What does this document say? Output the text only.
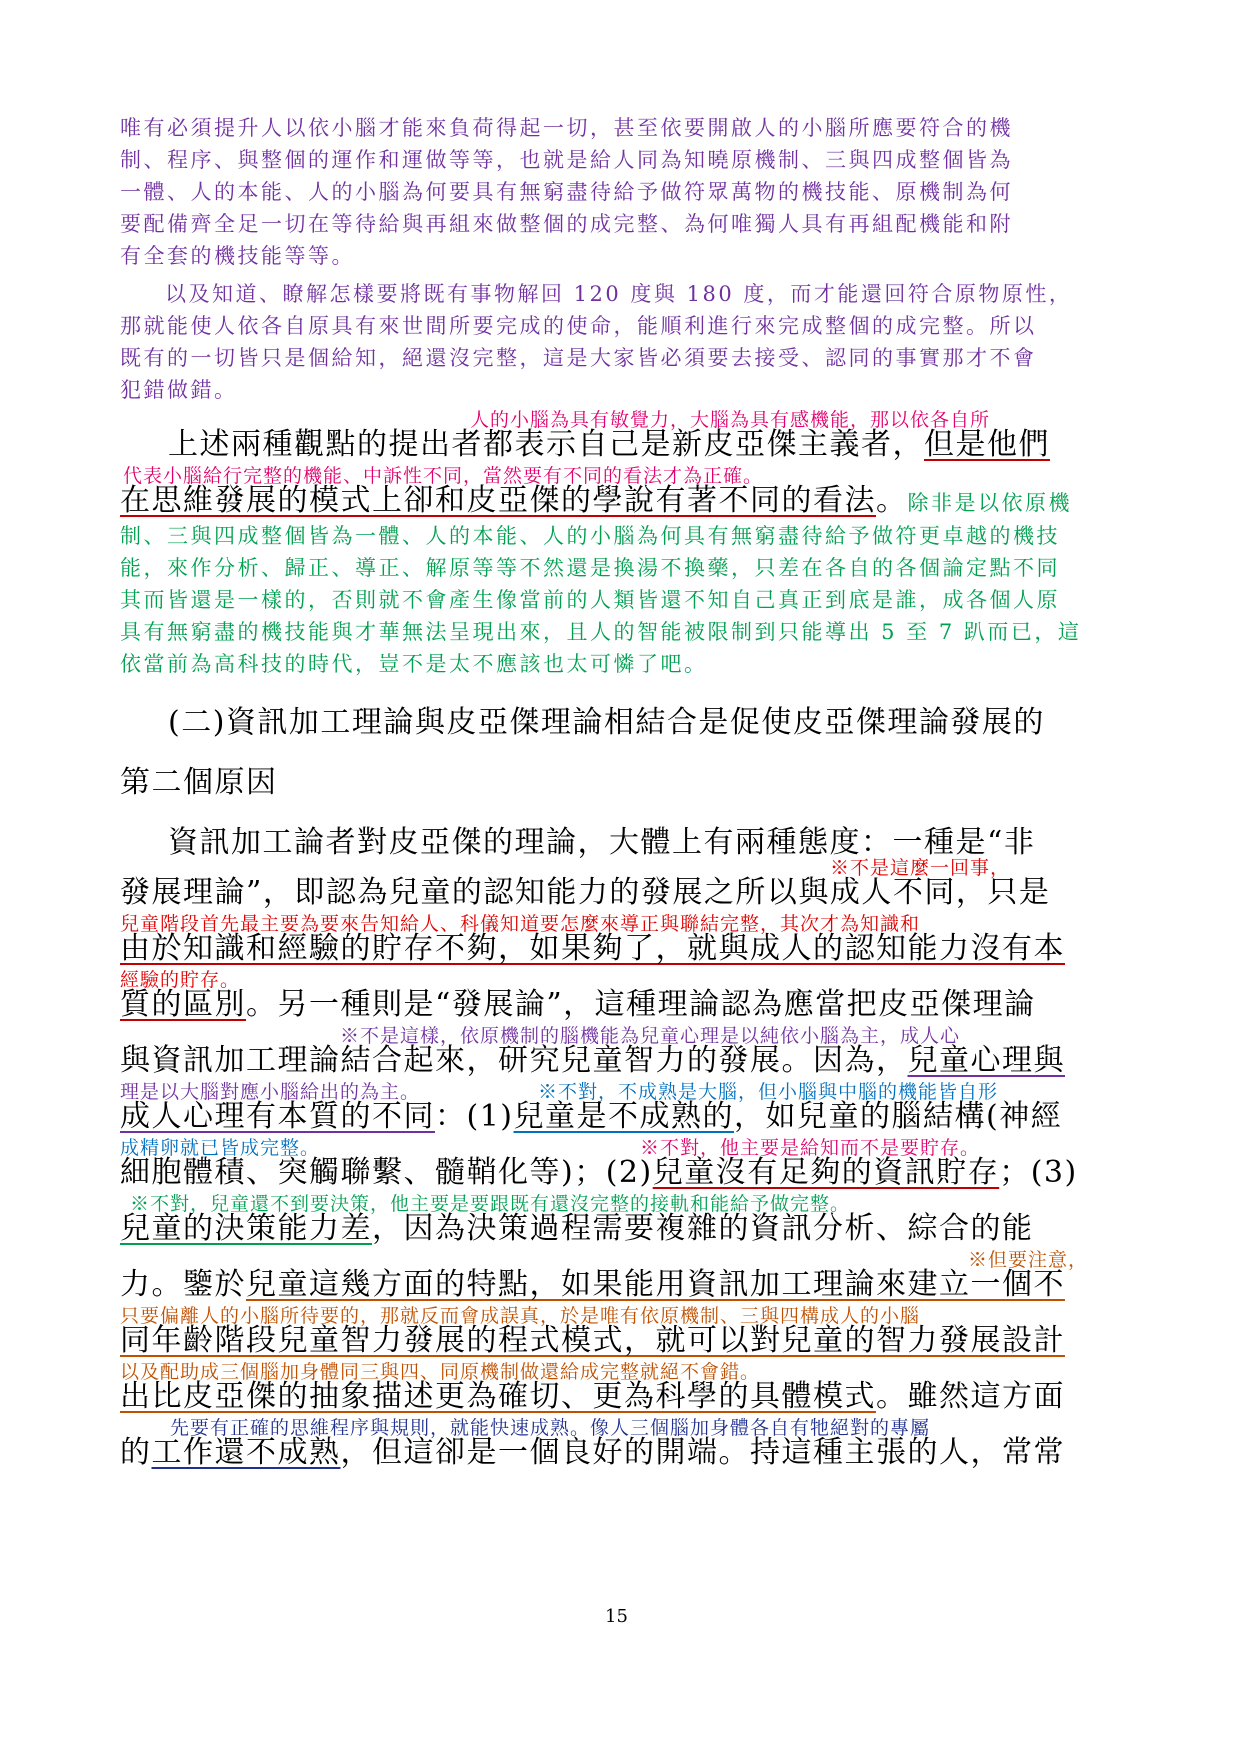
唯有必須提升人以依小腦才能來負荷得起一切，甚至依要開啟人的小腦所應要符合的機
制、程序、與整個的運作和運做等等，也就是給人同為知曉原機制、三與四成整個皆為
一體、人的本能、人的小腦為何要具有無窮盡待給予做符眾萬物的機技能、原機制為何
要配備齊全足一切在等待給與再組來做整個的成完整、為何唯獨人具有再組配機能和附
有全套的機技能等等。
以及知道、瞭解怎樣要將既有事物解回 120 度與 180 度，而才能還回符合原物原性，
那就能使人依各自原具有來世間所要完成的使命，能順利進行來完成整個的成完整。所以
既有的一切皆只是個給知，絕還沒完整，這是大家皆必須要去接受、認同的事實那才不會
犯錯做錯。
人的小腦為具有敏覺力，大腦為具有感機能，那以依各自所
上述兩種觀點的提出者都表示自己是新皮亞傑主義者，但是他們
代表小腦給行完整的機能、中訴性不同，當然要有不同的看法才為正確。
在思維發展的模式上卻和皮亞傑的學說有著不同的看法。除非是以依原機
制、三與四成整個皆為一體、人的本能、人的小腦為何具有無窮盡待給予做符更卓越的機技
能，來作分析、歸正、導正、解原等等不然還是換湯不換藥，只差在各自的各個論定點不同
其而皆還是一樣的，否則就不會產生像當前的人類皆還不知自己真正到底是誰，成各個人原
具有無窮盡的機技能與才華無法呈現出來，且人的智能被限制到只能導出 5 至 7 趴而已，這
依當前為高科技的時代，豈不是太不應該也太可憐了吧。
(二)資訊加工理論與皮亞傑理論相結合是促使皮亞傑理論發展的
第二個原因
資訊加工論者對皮亞傑的理論，大體上有兩種態度：一種是“非
※不是這麼一回事，
發展理論”，即認為兒童的認知能力的發展之所以與成人不同，只是
兒童階段首先最主要為要來告知給人、科儀知道要怎麼來導正與聯結完整，其次才為知識和
由於知識和經驗的貯存不夠，如果夠了，就與成人的認知能力沒有本
經驗的貯存。
質的區別。另一種則是“發展論”，這種理論認為應當把皮亞傑理論
※不是這樣，依原機制的腦機能為兒童心理是以純依小腦為主，成人心
與資訊加工理論結合起來，研究兒童智力的發展。因為，兒童心理與
理是以大腦對應小腦給出的為主。	※不對，不成熟是大腦，但小腦與中腦的機能皆自形
成人心理有本質的不同：(1)兒童是不成熟的，如兒童的腦結構(神經
成精卵就已皆成完整。	※不對，他主要是給知而不是要貯存。
細胞體積、突觸聯繫、髓鞘化等)；(2)兒童沒有足夠的資訊貯存；(3)
※不對，兒童還不到要決策，他主要是要跟既有還沒完整的接軌和能給予做完整。
兒童的決策能力差，因為決策過程需要複雜的資訊分析、綜合的能
※但要注意，
力。鑒於兒童這幾方面的特點，如果能用資訊加工理論來建立一個不
只要偏離人的小腦所待要的，那就反而會成誤真，於是唯有依原機制、三與四構成人的小腦
同年齡階段兒童智力發展的程式模式，就可以對兒童的智力發展設計
以及配助成三個腦加身體同三與四、同原機制做還給成完整就絕不會錯。
出比皮亞傑的抽象描述更為確切、更為科學的具體模式。雖然這方面
先要有正確的思維程序與規則，就能快速成熟。像人三個腦加身體各自有牠絕對的專屬
的工作還不成熟，但這卻是一個良好的開端。持這種主張的人，常常
15
